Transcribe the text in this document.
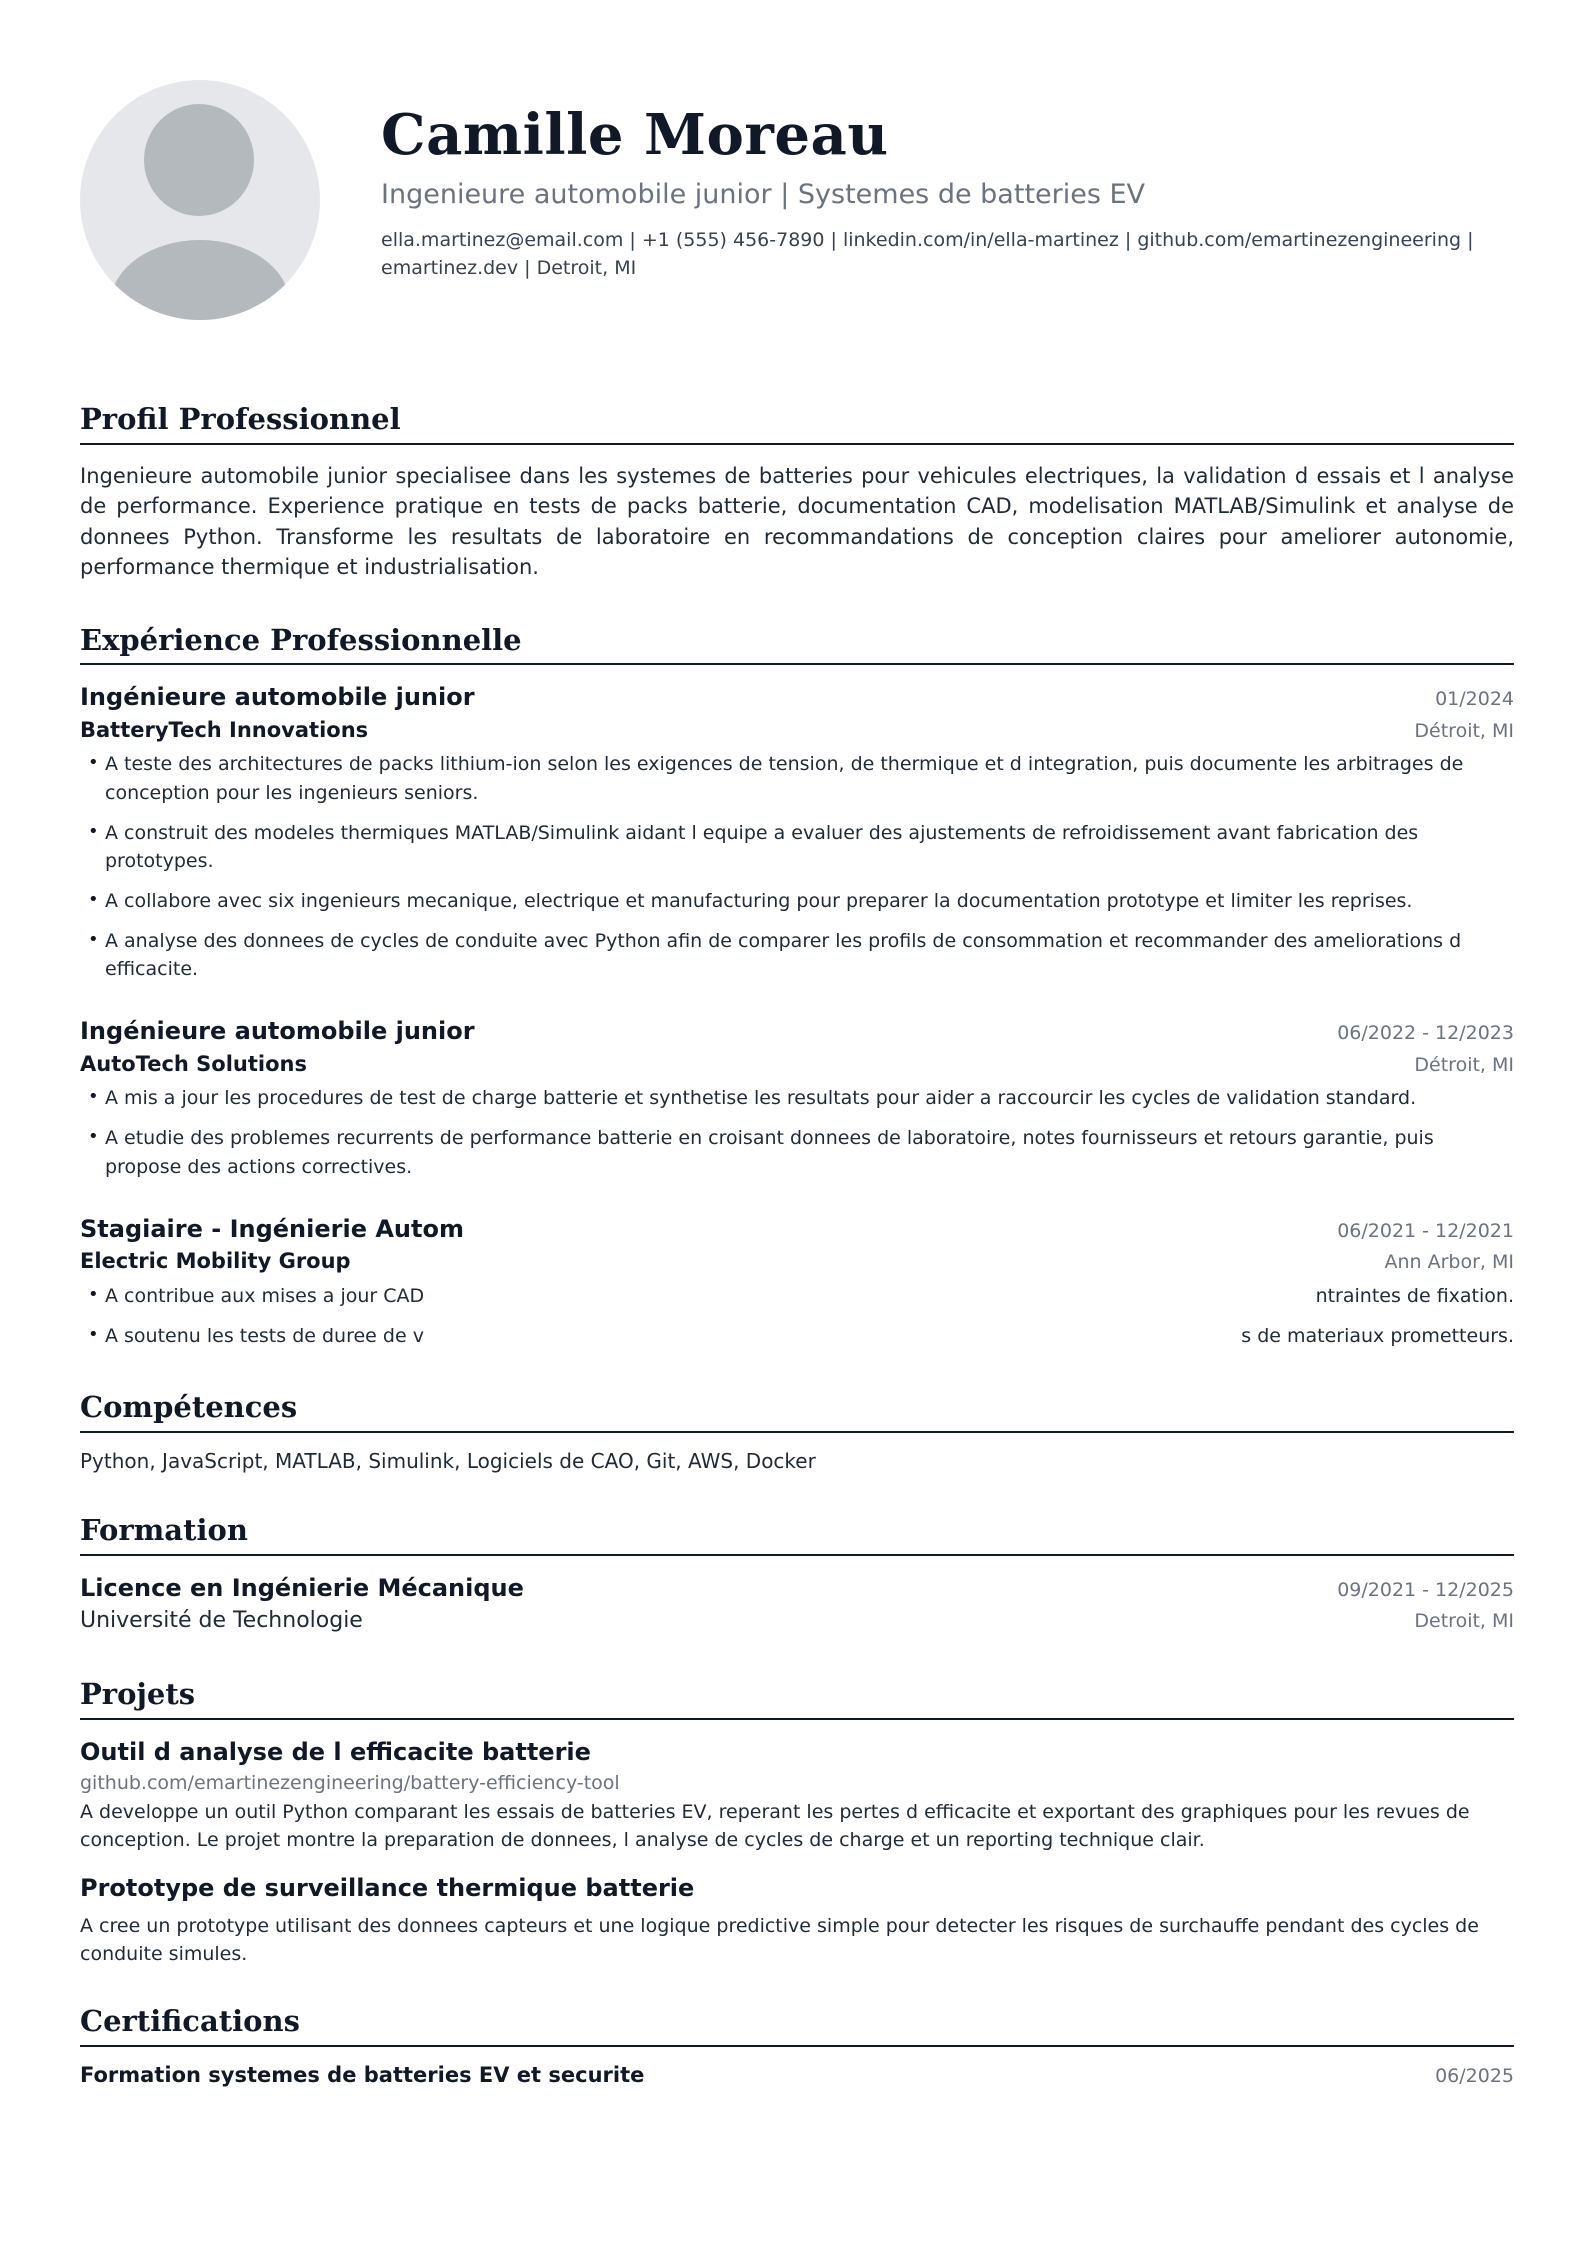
Camille Moreau
Ingenieure automobile junior | Systemes de batteries EV
ella.martinez@email.com | +1 (555) 456-7890 | linkedin.com/in/ella-martinez | github.com/emartinezengineering | emartinez.dev | Detroit, MI
Profil Professionnel
Ingenieure automobile junior specialisee dans les systemes de batteries pour vehicules electriques, la validation d essais et l analyse de performance. Experience pratique en tests de packs batterie, documentation CAD, modelisation MATLAB/Simulink et analyse de donnees Python. Transforme les resultats de laboratoire en recommandations de conception claires pour ameliorer autonomie, performance thermique et industrialisation.
Expérience Professionnelle
Ingénieure automobile junior	01/2024
BatteryTech Innovations	Détroit, MI
• A teste des architectures de packs lithium-ion selon les exigences de tension, de thermique et d integration, puis documente les arbitrages de conception pour les ingenieurs seniors.
• A construit des modeles thermiques MATLAB/Simulink aidant l equipe a evaluer des ajustements de refroidissement avant fabrication des prototypes.
• A collabore avec six ingenieurs mecanique, electrique et manufacturing pour preparer la documentation prototype et limiter les reprises.
• A analyse des donnees de cycles de conduite avec Python afin de comparer les profils de consommation et recommander des ameliorations d efficacite.
Ingénieure automobile junior	06/2022 - 12/2023
AutoTech Solutions	Détroit, MI
• A mis a jour les procedures de test de charge batterie et synthetise les resultats pour aider a raccourcir les cycles de validation standard.
• A etudie des problemes recurrents de performance batterie en croisant donnees de laboratoire, notes fournisseurs et retours garantie, puis propose des actions correctives.
Stagiaire - Ingénierie Autom	06/2021 - 12/2021
Electric Mobility Group	Ann Arbor, MI
• A contribue aux mises a jour CAD	ntraintes de fixation.
• A soutenu les tests de duree de v	s de materiaux prometteurs.
Compétences
Python, JavaScript, MATLAB, Simulink, Logiciels de CAO, Git, AWS, Docker
Formation
Licence en Ingénierie Mécanique	09/2021 - 12/2025
Université de Technologie	Detroit, MI
Projets
Outil d analyse de l efficacite batterie
github.com/emartinezengineering/battery-efficiency-tool
A developpe un outil Python comparant les essais de batteries EV, reperant les pertes d efficacite et exportant des graphiques pour les revues de conception. Le projet montre la preparation de donnees, l analyse de cycles de charge et un reporting technique clair.
Prototype de surveillance thermique batterie
A cree un prototype utilisant des donnees capteurs et une logique predictive simple pour detecter les risques de surchauffe pendant des cycles de conduite simules.
Certifications
Formation systemes de batteries EV et securite	06/2025
